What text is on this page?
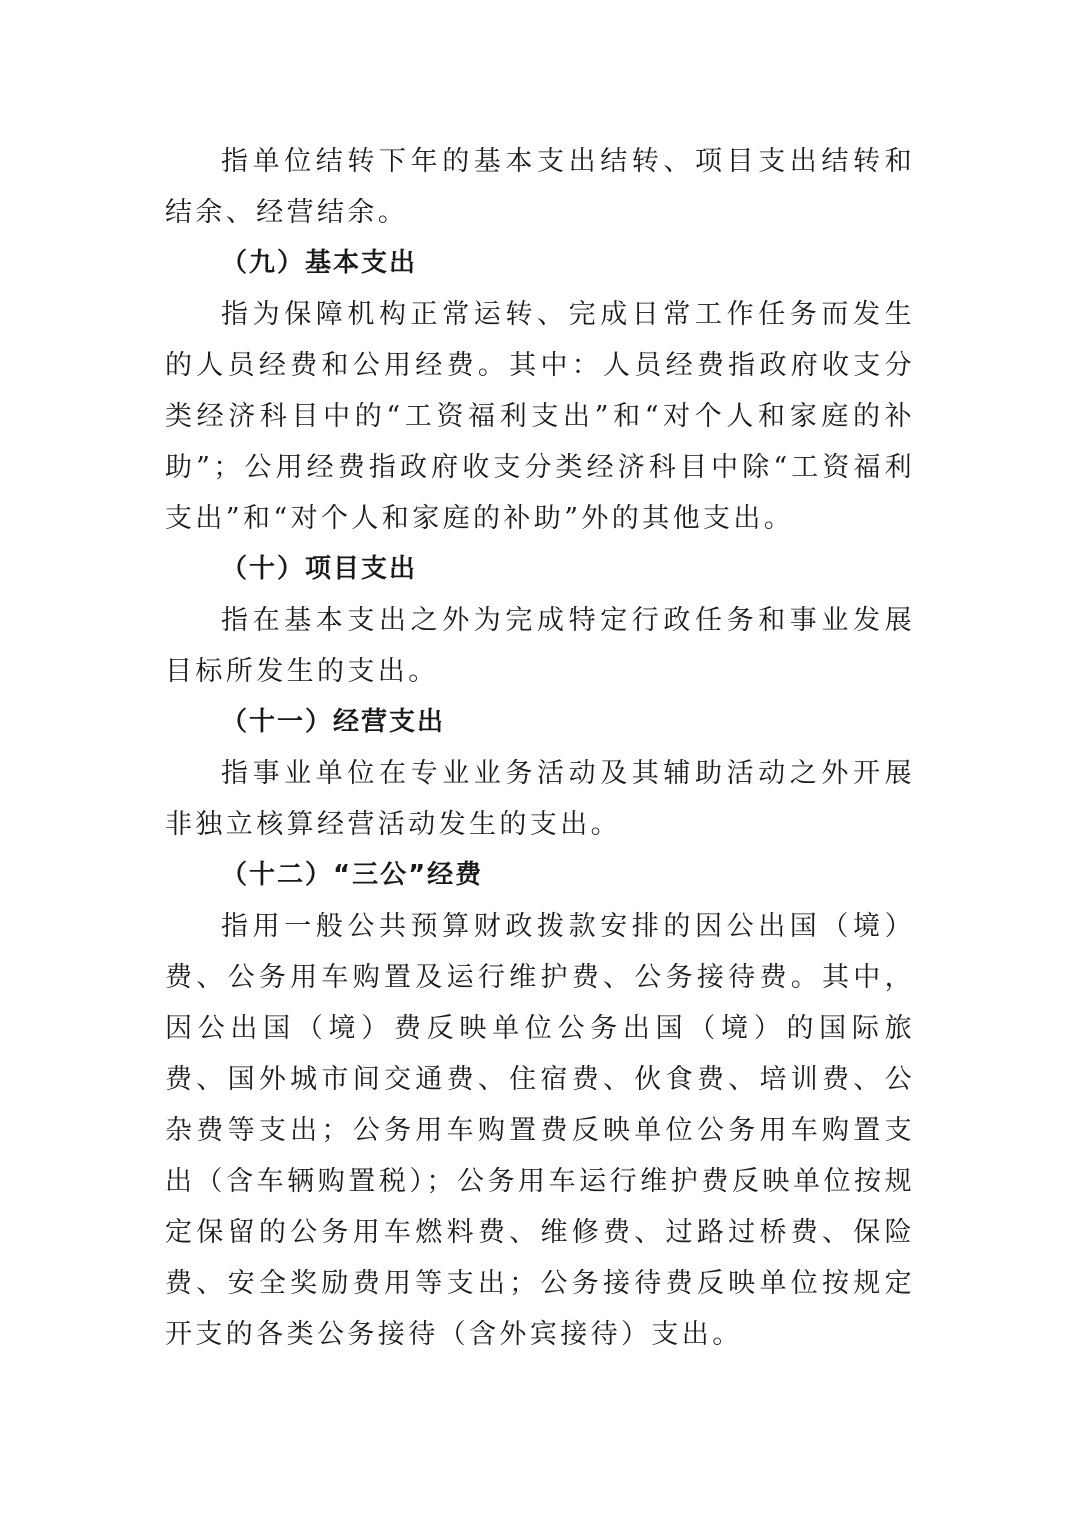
指单位结转下年的基本支出结转、项目支出结转和结余、经营结余。

（九）基本支出

指为保障机构正常运转、完成日常工作任务而发生的人员经费和公用经费。其中：人员经费指政府收支分类经济科目中的“工资福利支出”和“对个人和家庭的补助”；公用经费指政府收支分类经济科目中除“工资福利支出”和“对个人和家庭的补助”外的其他支出。

（十）项目支出

指在基本支出之外为完成特定行政任务和事业发展目标所发生的支出。

（十一）经营支出

指事业单位在专业业务活动及其辅助活动之外开展非独立核算经营活动发生的支出。

（十二）“三公”经费

指用一般公共预算财政拨款安排的因公出国（境）费、公务用车购置及运行维护费、公务接待费。其中，因公出国（境）费反映单位公务出国（境）的国际旅费、国外城市间交通费、住宿费、伙食费、培训费、公杂费等支出；公务用车购置费反映单位公务用车购置支出（含车辆购置税）；公务用车运行维护费反映单位按规定保留的公务用车燃料费、维修费、过路过桥费、保险费、安全奖励费用等支出；公务接待费反映单位按规定开支的各类公务接待（含外宾接待）支出。
